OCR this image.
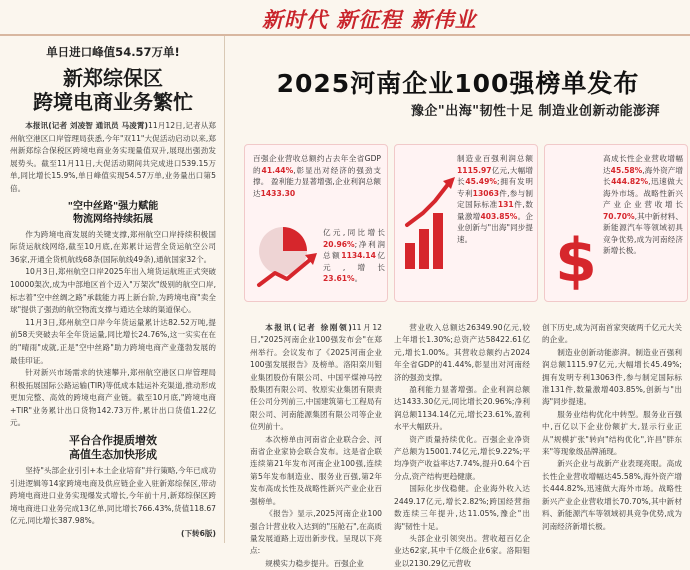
新时代 新征程 新伟业
单日进口峰值54.57万单!
新郑综保区
跨境电商业务繁忙

本报讯(记者 刘凌智 通讯员 马凌霄)11月12日,记者从郑州航空港区口岸管理局获悉,今年"双11"大促活动启动以来,郑州新郑综合保税区跨境电商业务实现量值双升,展现出强劲发展势头。截至11月11日,大促活动期间共完成进口539.15万单,同比增长15.9%,单日峰值实现54.57万单,业务量出口第5倍。

"空中丝路"强力赋能
物流网络持续拓展

作为跨境电商发展的关键支撑,郑州航空口岸持续积极国际货运航线网络,截至10月底,在郑累计运营全货运航空公司36家,开通全货机航线68条(国际航线49条),通航国家32个。

10月3日,郑州航空口岸2025年出入境货运航班正式突破10000架次,成为中部地区首个迈入"万架次"级别的航空口岸,标志着"空中丝绸之路"承载能力再上新台阶,为跨境电商"卖全球"提供了强劲的航空物流支撑与通达全球的渠道保心。

11月3日,郑州航空口岸今年货运量累计达82.52万吨,提前58天突破去年全年货运量,同比增长24.76%,这一实实在在的"晴雨"成就,正是"空中丝路"助力跨境电商产业蓬勃发展的最佳印证。

针对新兴市场需求的快速攀升,郑州航空港区口岸管理局积极拓展国际公路运输(TIR)等低成本陆运补充渠道,推动形成更加完整、高效的跨境电商产业链。截至10月底,"跨境电商+TIR"业务累计出口货物142.73万件,累计出口货值1.22亿元。

平台合作提质增效
高值生态加快形成

坚持"头部企业引引+本土企业培育"并行策略,今年已成功引进逻辑等14家跨境电商及供应链企业入驻新郑综保区,带动跨境电商进口业务实现爆发式增长,今年前十月,新郑综保区跨境电商进口业务完成13亿单,同比增长766.43%,货值118.67亿元,同比增长387.98%。

(下转6版)
2025河南企业100强榜单发布
豫企"出海"韧性十足 制造业创新动能澎湃
百强企业营收总额约占去年全省GDP的41.44%,彰显出对经济的强劲支撑。 盈利能力显著增强,企业利润总额达1433.30
亿元,同比增长20.96%;净利润总额1134.14亿元,增长23.61%。
制造业百强利润总额1115.97亿元,大幅增长45.49%;拥有发明专利13063件,参与制定国际标准131件,数量激增403.85%。企业创新与"出海"同步提速。
高成长性企业营收增幅达45.58%,海外资产增长444.82%,迅速做大海外市场。战略性新兴产业企业营收增长70.70%,其中新材料、新能源汽车等领域初具竞争优势,成为河南经济新增长极。
$

本报讯(记者 徐刚领)11月12日,"2025河南企业100强发布会"在郑州举行。会议发布了《2025河南企业100强发展报告》及榜单。洛阳栾川钼业集团股份有限公司、中国平煤神马控股集团有限公司、牧原实业集团有限责任公司分列前三,中国建筑第七工程局有限公司、河南能源集团有限公司等企业位列前十。

本次榜单由河南省企业联合会、河南省企业家协会联合发布。这是省企联连续第21年发布河南企业100强,连续第5年发布制造业、服务业百强,第2年发布高成长性及战略性新兴产业企业百强榜单。

《报告》显示,2025河南企业100强合计营业收入达到的"压舱石",在高质量发展道路上迈出新步伐。呈现以下亮点:

规模实力稳步提升。百强企业

营业收入总额达26349.90亿元,较上年增长1.30%;总资产达58422.61亿元,增长1.00%。其营收总额约占2024年全省GDP的41.44%,彰显出对河南经济的强劲支撑。

盈利能力显著增强。企业利润总额达1433.30亿元,同比增长20.96%;净利润总额1134.14亿元,增长23.61%,盈利水平大幅跃升。

资产质量持续优化。百强企业净资产总额为15001.74亿元,增长9.22%;平均净资产收益率达7.74%,提升0.64个百分点,资产结构更趋健康。

国际化步伐稳健。企业海外收入达2449.17亿元,增长2.82%;跨国经营指数连续三年提升,达11.05%,豫企"出海"韧性十足。

头部企业引领突出。营收超百亿企业达62家,其中千亿级企业6家。洛阳钼业以2130.29亿元营收

创下历史,成为河南首家突破两千亿元大关的企业。

制造业创新动能澎湃。制造业百强利润总额1115.97亿元,大幅增长45.49%;拥有发明专利13063件,参与制定国际标准131件,数量激增403.85%,创新与"出海"同步提速。

服务业结构优化中转型。服务业百强中,百亿以下企业份额扩大,显示行业正从"规模扩张"转向"结构优化",许昌"胖东来"等现象级品牌涌现。

新兴企业与战新产业表现亮眼。高成长性企业营收增幅达45.58%,海外资产增长444.82%,迅速做大海外市场。战略性新兴产业企业营收增长70.70%,其中新材料、新能源汽车等领域初具竞争优势,成为河南经济新增长极。
